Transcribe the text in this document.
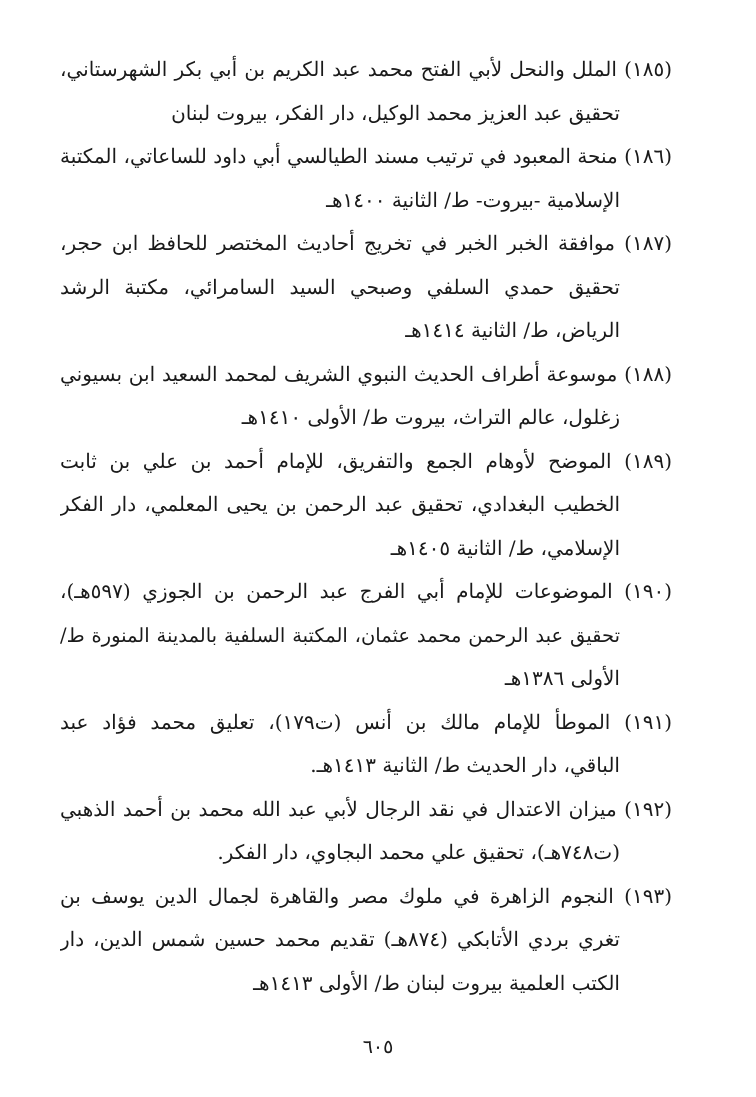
(١٨٥) الملل والنحل لأبي الفتح محمد عبد الكريم بن أبي بكر الشهرستاني،
تحقيق عبد العزيز محمد الوكيل، دار الفكر، بيروت لبنان
(١٨٦) منحة المعبود في ترتيب مسند الطيالسي أبي داود للساعاتي، المكتبة
الإسلامية -بيروت- ط/ الثانية ١٤٠٠هـ
(١٨٧) موافقة الخبر الخبر في تخريج أحاديث المختصر للحافظ ابن حجر،
تحقيق حمدي السلفي وصبحي السيد السامرائي، مكتبة الرشد
الرياض، ط/ الثانية ١٤١٤هـ
(١٨٨) موسوعة أطراف الحديث النبوي الشريف لمحمد السعيد ابن بسيوني
زغلول، عالم التراث، بيروت ط/ الأولى ١٤١٠هـ
(١٨٩) الموضح لأوهام الجمع والتفريق، للإمام أحمد بن علي بن ثابت
الخطيب البغدادي، تحقيق عبد الرحمن بن يحيى المعلمي، دار الفكر
الإسلامي، ط/ الثانية ١٤٠٥هـ
(١٩٠) الموضوعات للإمام أبي الفرج عبد الرحمن بن الجوزي (٥٩٧هـ)،
تحقيق عبد الرحمن محمد عثمان، المكتبة السلفية بالمدينة المنورة ط/
الأولى ١٣٨٦هـ
(١٩١) الموطأ للإمام مالك بن أنس (ت١٧٩)، تعليق محمد فؤاد عبد
الباقي، دار الحديث ط/ الثانية ١٤١٣هـ.
(١٩٢) ميزان الاعتدال في نقد الرجال لأبي عبد الله محمد بن أحمد الذهبي
(ت٧٤٨هـ)، تحقيق علي محمد البجاوي، دار الفكر.
(١٩٣) النجوم الزاهرة في ملوك مصر والقاهرة لجمال الدين يوسف بن
تغري بردي الأتابكي (٨٧٤هـ) تقديم محمد حسين شمس الدين، دار
الكتب العلمية بيروت لبنان ط/ الأولى ١٤١٣هـ
٦٠٥
